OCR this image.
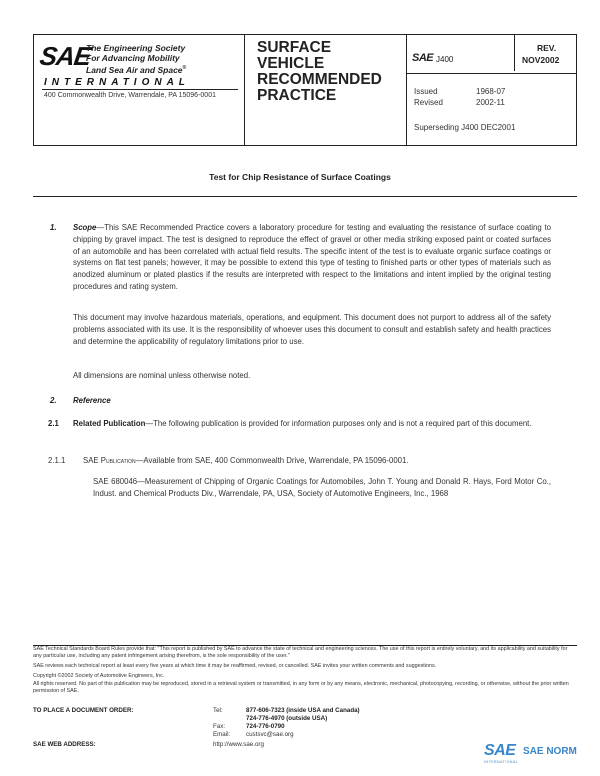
SAE
The Engineering Society
For Advancing Mobility
Land Sea Air and Space®
INTERNATIONAL
400 Commonwealth Drive, Warrendale, PA 15096-0001
SURFACE
VEHICLE
RECOMMENDED
PRACTICE
SAE J400
REV.
NOV2002
Issued	1968-07
Revised	2002-11
Superseding J400 DEC2001
Test for Chip Resistance of Surface Coatings
1. Scope—This SAE Recommended Practice covers a laboratory procedure for testing and evaluating the resistance of surface coating to chipping by gravel impact. The test is designed to reproduce the effect of gravel or other media striking exposed paint or coated surfaces of an automobile and has been correlated with actual field results. The specific intent of the test is to evaluate organic surface coatings or systems on flat test panels; however, it may be possible to extend this type of testing to finished parts or other types of materials such as anodized aluminum or plated plastics if the results are interpreted with respect to the limitations and intent implied by the original testing procedures and rating system.
This document may involve hazardous materials, operations, and equipment. This document does not purport to address all of the safety problems associated with its use. It is the responsibility of whoever uses this document to consult and establish safety and health practices and determine the applicability of regulatory limitations prior to use.
All dimensions are nominal unless otherwise noted.
2. Reference
2.1 Related Publication—The following publication is provided for information purposes only and is not a required part of this document.
2.1.1 SAE Publication—Available from SAE, 400 Commonwealth Drive, Warrendale, PA 15096-0001.
SAE 680046—Measurement of Chipping of Organic Coatings for Automobiles, John T. Young and Donald R. Hays, Ford Motor Co., Indust. and Chemical Products Div., Warrendale, PA, USA, Society of Automotive Engineers, Inc., 1968
SAE Technical Standards Board Rules provide that: "This report is published by SAE to advance the state of technical and engineering sciences. The use of this report is entirely voluntary, and its applicability and suitability for any particular use, including any patent infringement arising therefrom, is the sole responsibility of the user."
SAE reviews each technical report at least every five years at which time it may be reaffirmed, revised, or cancelled. SAE invites your written comments and suggestions.
Copyright ©2002 Society of Automotive Engineers, Inc.
All rights reserved. No part of this publication may be reproduced, stored in a retrieval system or transmitted, in any form or by any means, electronic, mechanical, photocopying, recording, or otherwise, without the prior written permission of SAE.
TO PLACE A DOCUMENT ORDER:	Tel:	877-606-7323 (inside USA and Canada)
724-776-4970 (outside USA)
Fax:	724-776-0790
Email:	custsvc@sae.org
SAE WEB ADDRESS:	http://www.sae.org	SAE SAE NORM
INTERNATIONAL
